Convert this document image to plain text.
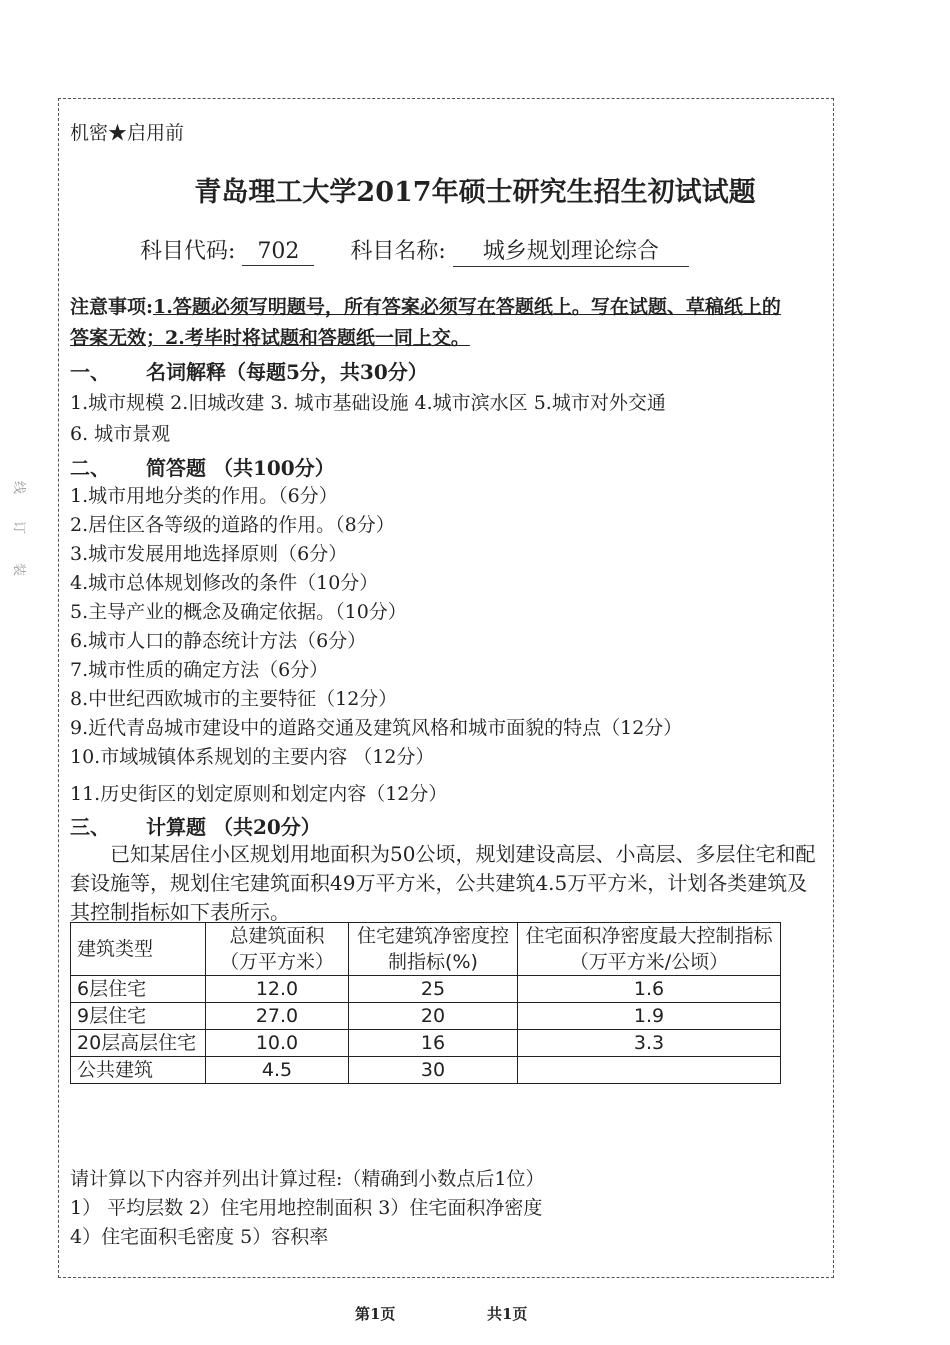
线
订
装
机密★启用前
青岛理工大学2017年硕士研究生招生初试试题
科目代码: 702 科目名称: 城乡规划理论综合
注意事项:1.答题必须写明题号，所有答案必须写在答题纸上。写在试题、草稿纸上的
答案无效；2.考毕时将试题和答题纸一同上交。
一、 名词解释（每题5分，共30分）
1.城市规模 2.旧城改建 3. 城市基础设施 4.城市滨水区 5.城市对外交通
6. 城市景观
二、 简答题 （共100分）
1.城市用地分类的作用。（6分）
2.居住区各等级的道路的作用。（8分）
3.城市发展用地选择原则（6分）
4.城市总体规划修改的条件（10分）
5.主导产业的概念及确定依据。（10分）
6.城市人口的静态统计方法（6分）
7.城市性质的确定方法（6分）
8.中世纪西欧城市的主要特征（12分）
9.近代青岛城市建设中的道路交通及建筑风格和城市面貌的特点（12分）
10.市域城镇体系规划的主要内容 （12分）
11.历史街区的划定原则和划定内容（12分）
三、 计算题 （共20分）
已知某居住小区规划用地面积为50公顷，规划建设高层、小高层、多层住宅和配套设施等，规划住宅建筑面积49万平方米，公共建筑4.5万平方米，计划各类建筑及其控制指标如下表所示。
建筑类型	总建筑面积（万平方米）	住宅建筑净密度控制指标(%)	住宅面积净密度最大控制指标（万平方米/公顷）
6层住宅	12.0	25	1.6
9层住宅	27.0	20	1.9
20层高层住宅	10.0	16	3.3
公共建筑	4.5	30	
请计算以下内容并列出计算过程:（精确到小数点后1位）
1） 平均层数 2）住宅用地控制面积 3）住宅面积净密度
4）住宅面积毛密度 5）容积率
第1页	共1页
